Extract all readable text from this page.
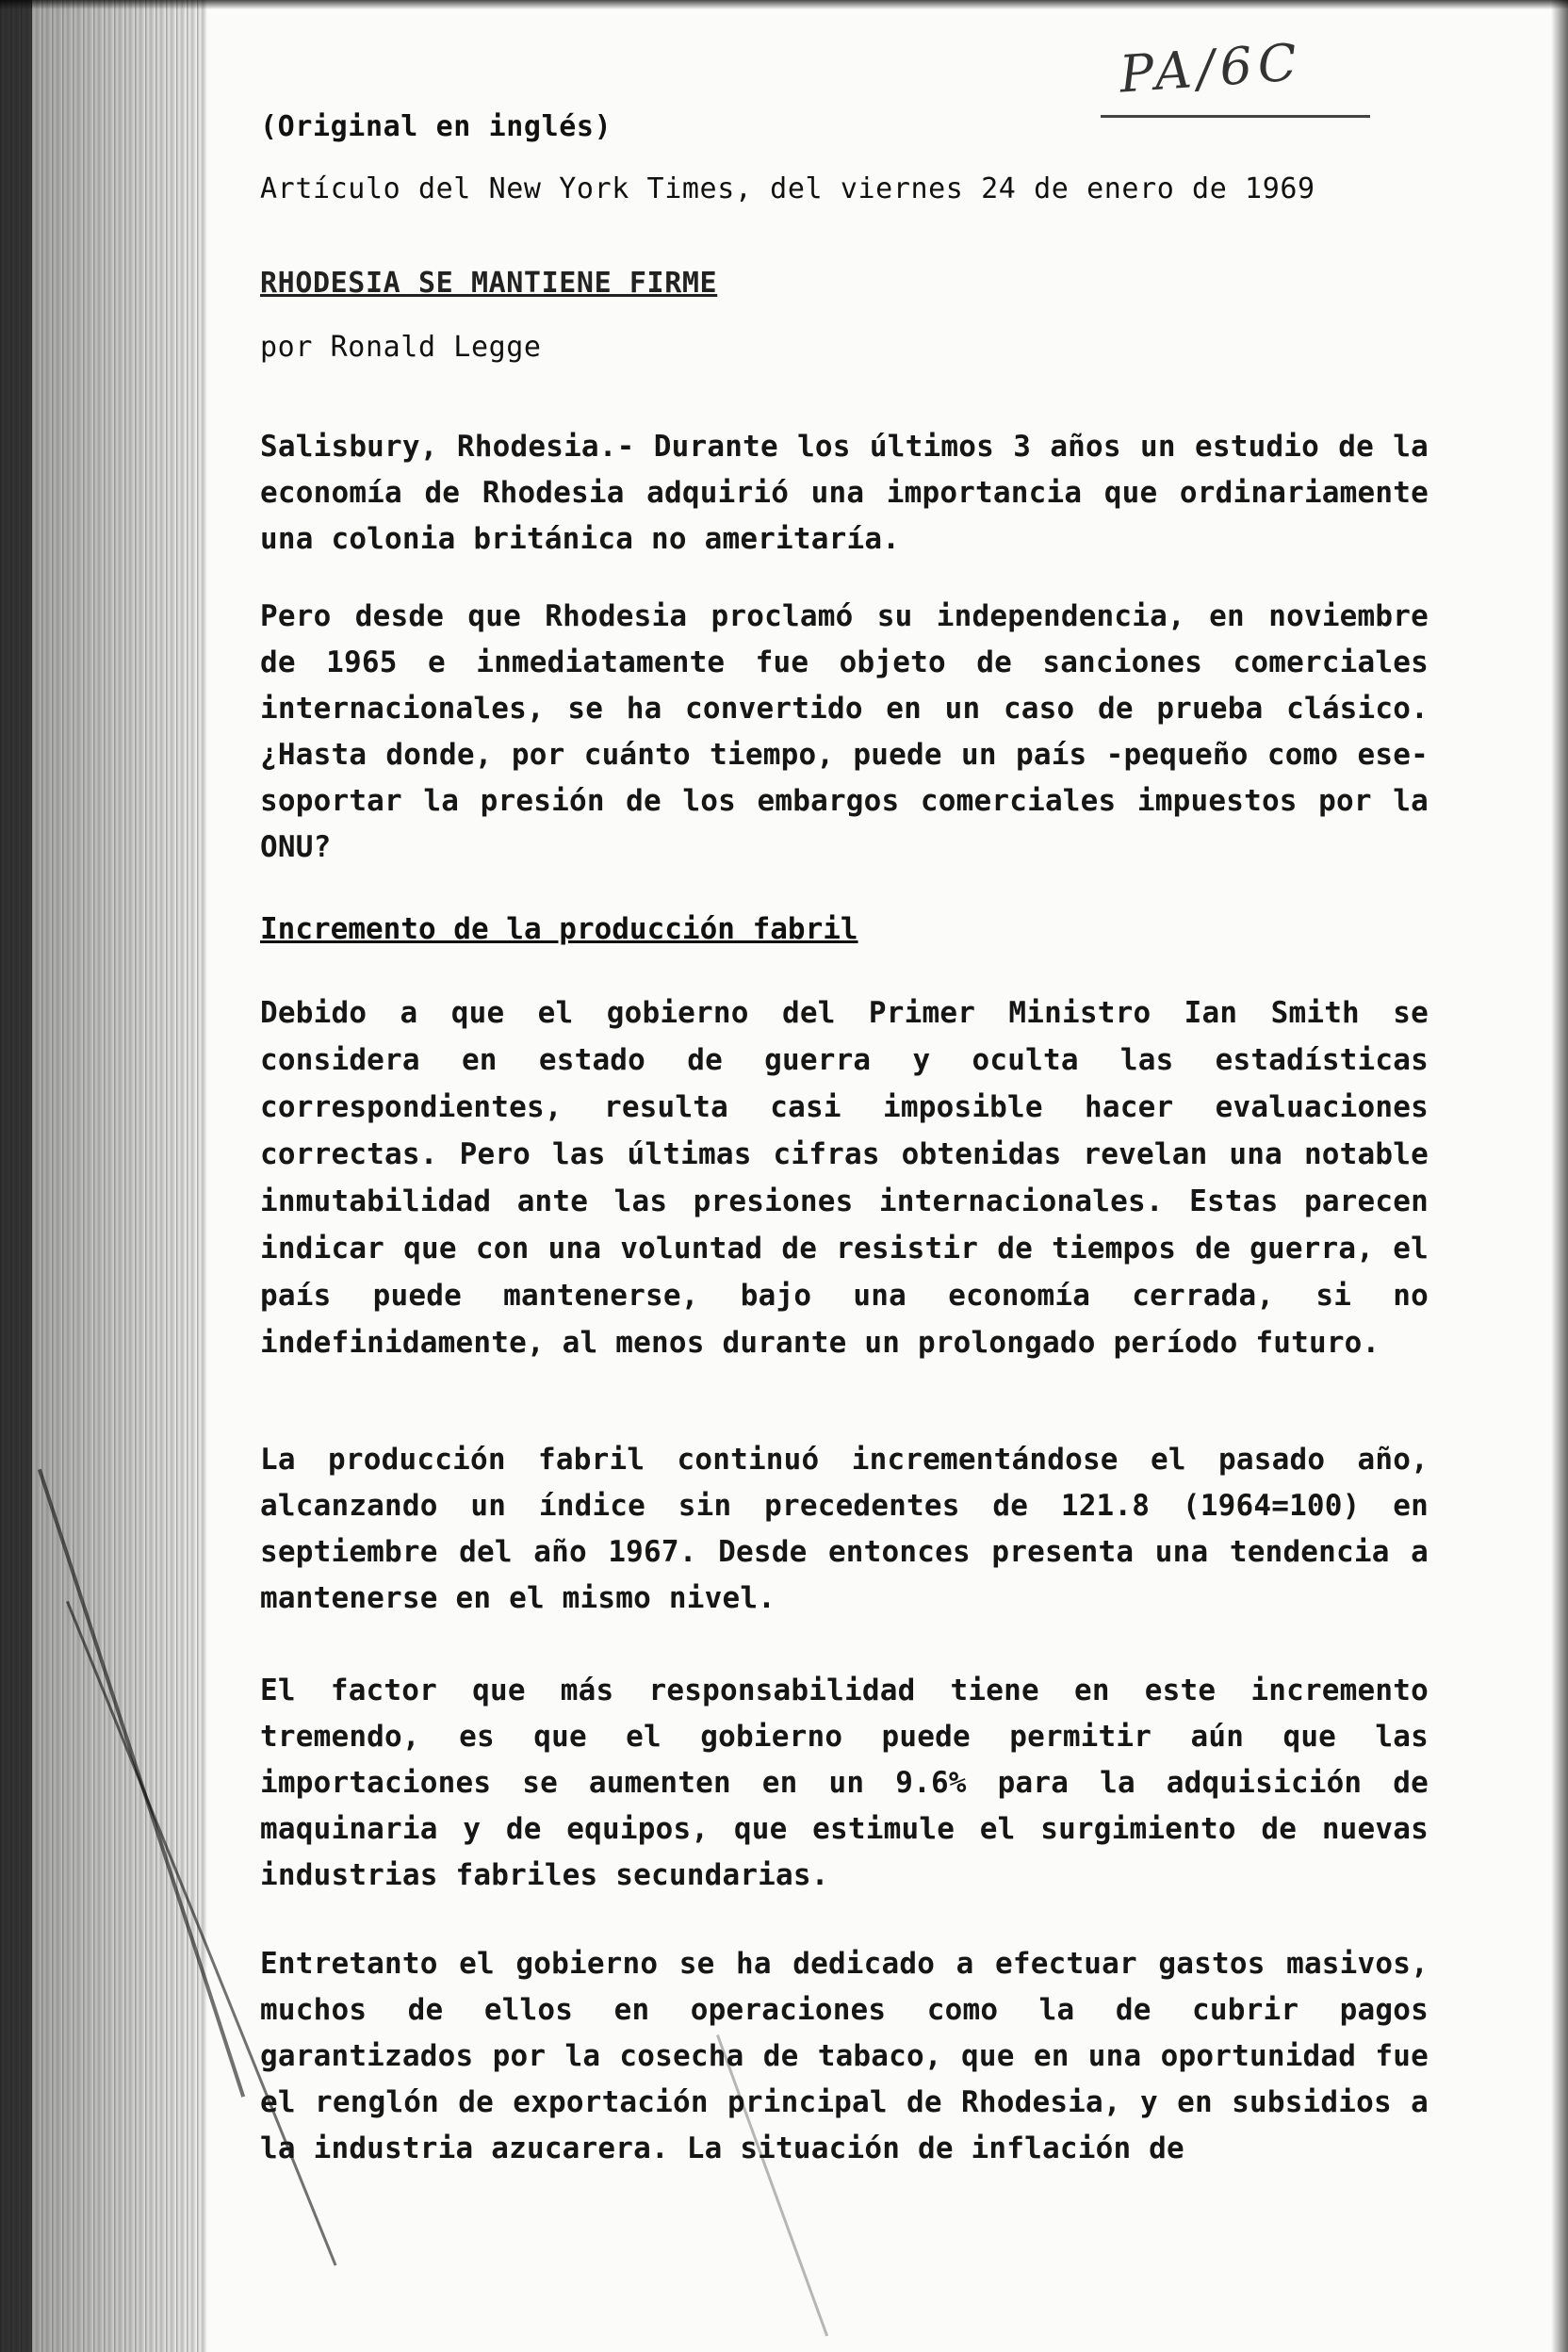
PA/6C
(Original en inglés)
Artículo del New York Times, del viernes 24 de enero de 1969
RHODESIA SE MANTIENE FIRME
por Ronald Legge
Salisbury, Rhodesia.- Durante los últimos 3 años un estudio de la economía de Rhodesia adquirió una importancia que ordinariamente una colonia británica no ameritaría.
Pero desde que Rhodesia proclamó su independencia, en noviembre de 1965 e inmediatamente fue objeto de sanciones comerciales internacionales, se ha convertido en un caso de prueba clásico. ¿Hasta donde, por cuánto tiempo, puede un país -pequeño como ese- soportar la presión de los embargos comerciales impuestos por la ONU?
Incremento de la producción fabril
Debido a que el gobierno del Primer Ministro Ian Smith se considera en estado de guerra y oculta las estadísticas correspondientes, resulta casi imposible hacer evaluaciones correctas. Pero las últimas cifras obtenidas revelan una notable inmutabilidad ante las presiones internacionales. Estas parecen indicar que con una voluntad de resistir de tiempos de guerra, el país puede mantenerse, bajo una economía cerrada, si no indefinidamente, al menos durante un prolongado período futuro.
La producción fabril continuó incrementándose el pasado año, alcanzando un índice sin precedentes de 121.8 (1964=100) en septiembre del año 1967. Desde entonces presenta una tendencia a mantenerse en el mismo nivel.
El factor que más responsabilidad tiene en este incremento tremendo, es que el gobierno puede permitir aún que las importaciones se aumenten en un 9.6% para la adquisición de maquinaria y de equipos, que estimule el surgimiento de nuevas industrias fabriles secundarias.
Entretanto el gobierno se ha dedicado a efectuar gastos masivos, muchos de ellos en operaciones como la de cubrir pagos garantizados por la cosecha de tabaco, que en una oportunidad fue el renglón de exportación principal de Rhodesia, y en subsidios a la industria azucarera. La situación de inflación de
